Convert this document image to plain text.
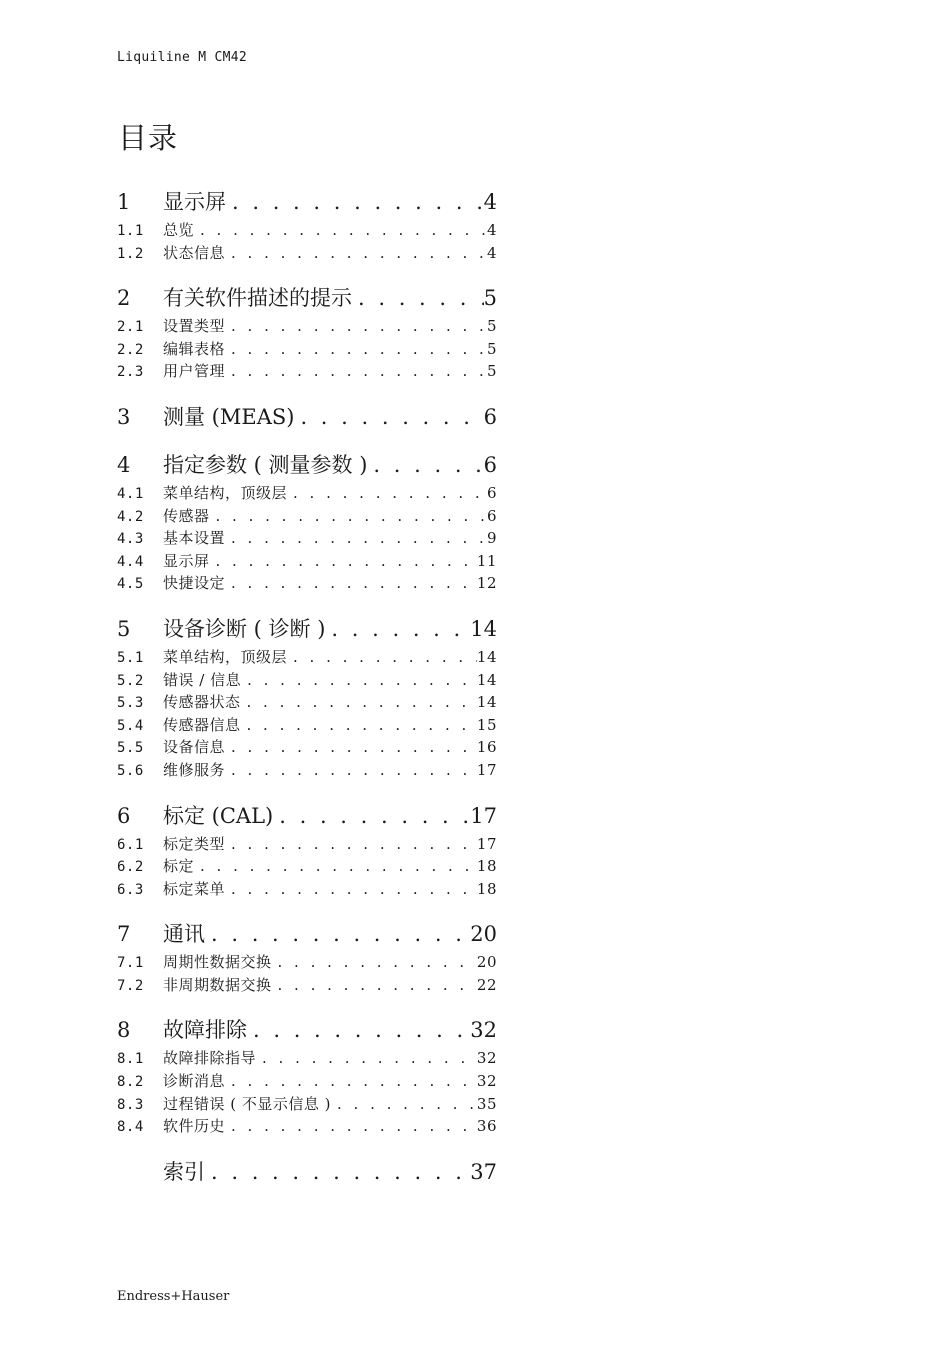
Liquiline M CM42
目录
1	显示屏 . . .	4
1.1	总览 . . .	4
1.2	状态信息 . . .	4
2	有关软件描述的提示 . . .	5
2.1	设置类型 . . .	5
2.2	编辑表格 . . .	5
2.3	用户管理 . . .	5
3	测量 (MEAS) . . .	6
4	指定参数 ( 测量参数 ) . . .	6
4.1	菜单结构，顶级层 . . .	6
4.2	传感器 . . .	6
4.3	基本设置 . . .	9
4.4	显示屏 . . .	11
4.5	快捷设定 . . .	12
5	设备诊断 ( 诊断 ) . . .	14
5.1	菜单结构，顶级层 . . .	14
5.2	错误 / 信息 . . .	14
5.3	传感器状态 . . .	14
5.4	传感器信息 . . .	15
5.5	设备信息 . . .	16
5.6	维修服务 . . .	17
6	标定 (CAL) . . .	17
6.1	标定类型 . . .	17
6.2	标定 . . .	18
6.3	标定菜单 . . .	18
7	通讯 . . .	20
7.1	周期性数据交换 . . .	20
7.2	非周期数据交换 . . .	22
8	故障排除 . . .	32
8.1	故障排除指导 . . .	32
8.2	诊断消息 . . .	32
8.3	过程错误 ( 不显示信息 ) . . .	35
8.4	软件历史 . . .	36
索引 . . .	37
Endress+Hauser
